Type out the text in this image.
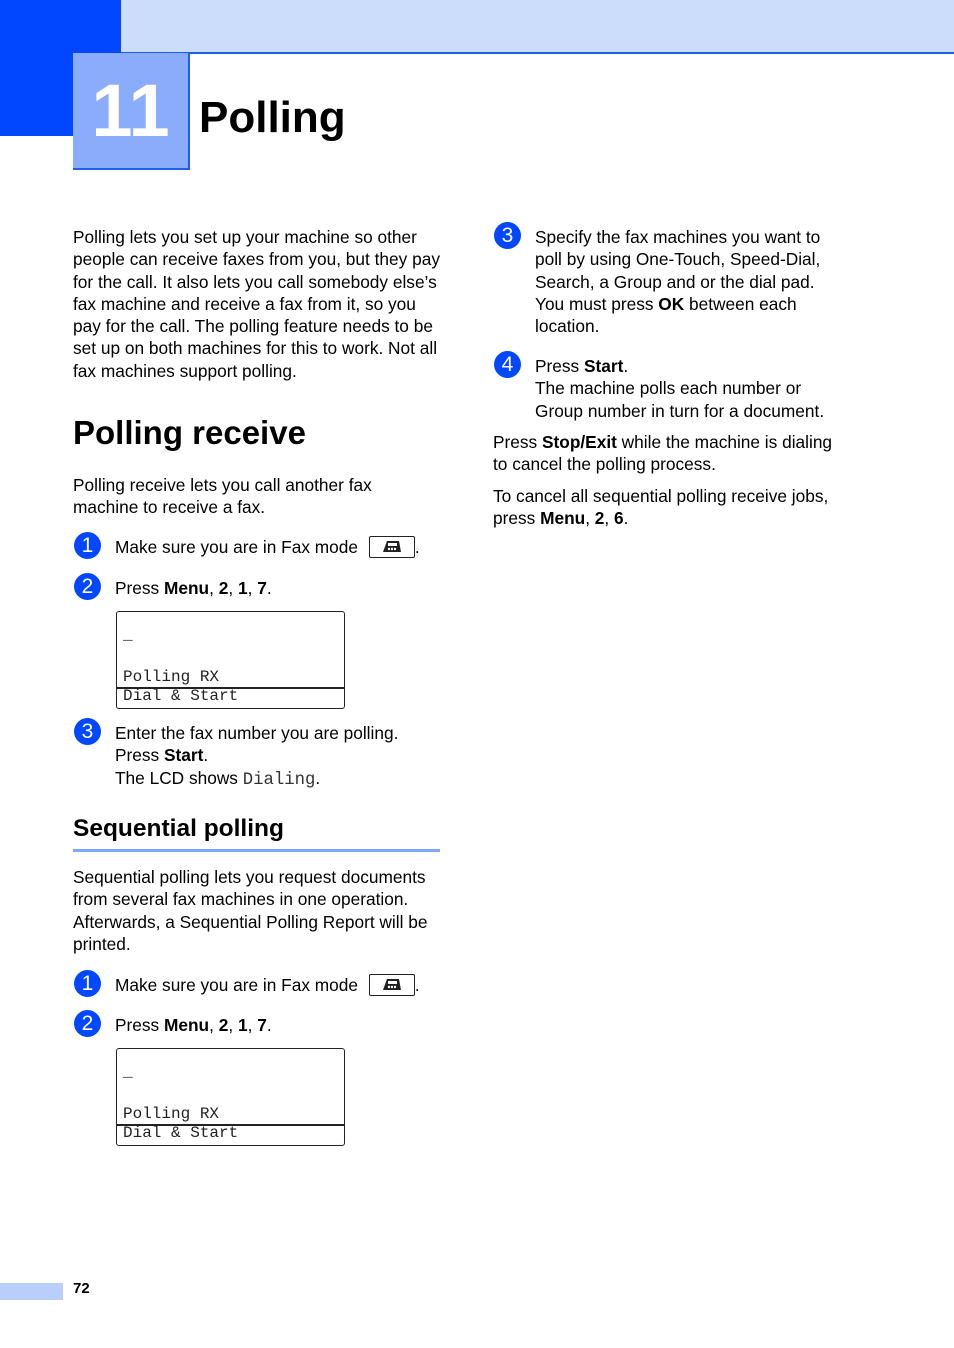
11 Polling

Polling lets you set up your machine so other people can receive faxes from you, but they pay for the call. It also lets you call somebody else’s fax machine and receive a fax from it, so you pay for the call. The polling feature needs to be set up on both machines for this to work. Not all fax machines support polling.

Polling receive

Polling receive lets you call another fax machine to receive a fax.

1	Make sure you are in Fax mode	.
2	Press Menu, 2, 1, 7.
_
Polling RX
Dial & Start
3	Enter the fax number you are polling.
Press Start.
The LCD shows Dialing.
Sequential polling

Sequential polling lets you request documents from several fax machines in one operation. Afterwards, a Sequential Polling Report will be printed.

1	Make sure you are in Fax mode	.
2	Press Menu, 2, 1, 7.
_
Polling RX
Dial & Start
3	Specify the fax machines you want to
poll by using One-Touch, Speed-Dial,
Search, a Group and or the dial pad.
You must press OK between each
location.
4	Press Start.
The machine polls each number or
Group number in turn for a document.
Press Stop/Exit while the machine is dialing
to cancel the polling process.
To cancel all sequential polling receive jobs,
press Menu, 2, 6.
72
